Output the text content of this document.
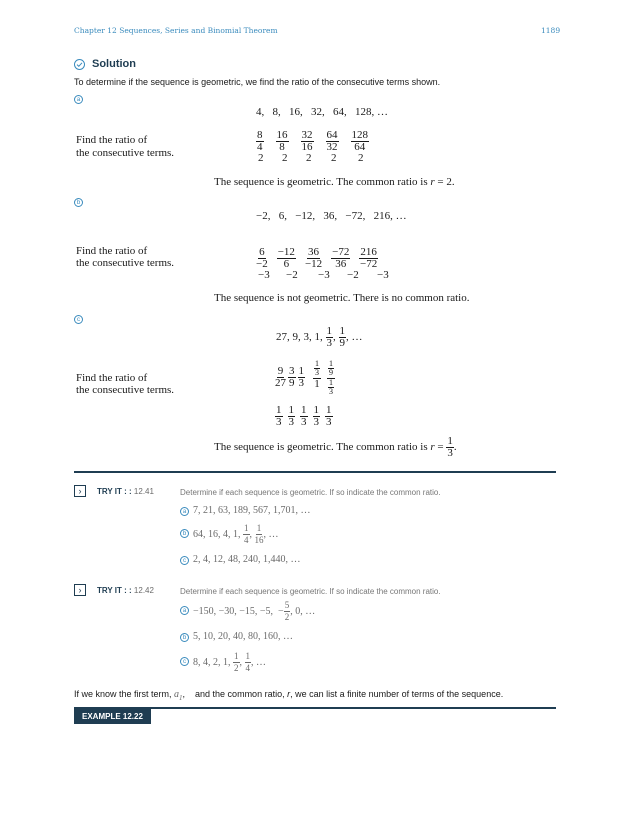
Chapter 12 Sequences, Series and Binomial Theorem	1189
Solution
To determine if the sequence is geometric, we find the ratio of the consecutive terms shown.
a
4,   8,   16,   32,   64,   128, …
Find the ratio of
the consecutive terms.	$\frac{8}{4} \frac{16}{8} \frac{32}{16} \frac{64}{32} \frac{128}{64}$
2	2	2	2	2
The sequence is geometric. The common ratio is r = 2.
b
−2,   6,   −12,   36,   −72,   216, …
Find the ratio of
the consecutive terms.	$\frac{6}{-2} \frac{-12}{6} \frac{36}{-12} \frac{-72}{36} \frac{216}{-72}$
−3	−2	−3	−2	−3
The sequence is not geometric. There is no common ratio.
c
27, 9, 3, 1, $\frac{1}{3}$ , $\frac{1}{9}$ , …
Find the ratio of
the consecutive terms.
$\frac{9}{27} \frac{3}{9} \frac{1}{3} \frac{\frac{1}{3}}{1} \frac{\frac{1}{9}}{\frac{1}{3}}$
$\frac{1}{3} \frac{1}{3} \frac{1}{3} \frac{1}{3} \frac{1}{3}$
The sequence is geometric. The common ratio is $r = \frac{1}{3}$ .
›	TRY IT : : 12.41	Determine if each sequence is geometric. If so indicate the common ratio.
a 7, 21, 63, 189, 567, 1,701, …
b 64, 16, 4, 1, $\frac{1}{4}$ , $\frac{1}{16}$ , …
c 2, 4, 12, 48, 240, 1,440, …
›	TRY IT : : 12.42	Determine if each sequence is geometric. If so indicate the common ratio.
a −150, −30, −15, −5,  − $\frac{5}{2}$ , 0, …
b 5, 10, 20, 40, 80, 160, …
c 8, 4, 2, 1, $\frac{1}{2}$ , $\frac{1}{4}$ , …
If we know the first term, $a_1$,    and the common ratio, r, we can list a finite number of terms of the sequence.
EXAMPLE 12.22
